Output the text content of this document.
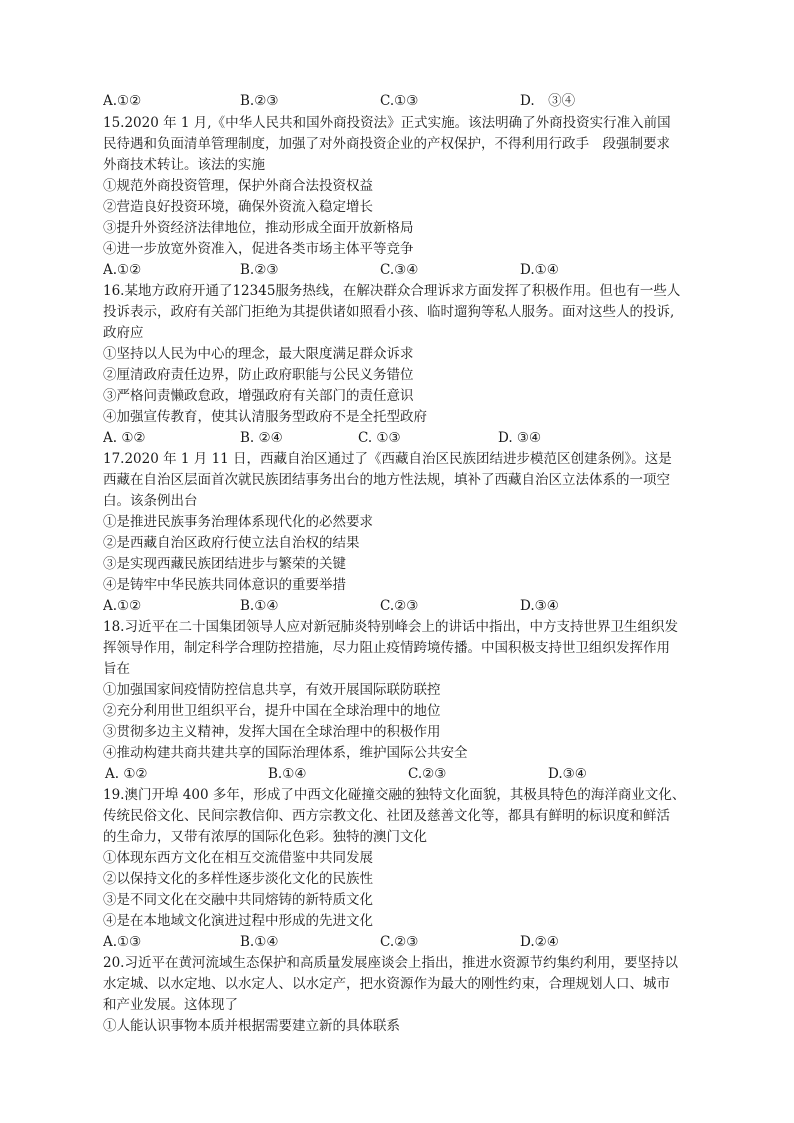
A.①②	B.②③	C.①③	D.　③④
15.2020 年 1 月,《中华人民共和国外商投资法》正式实施。该法明确了外商投资实行准入前国
民待遇和负面清单管理制度，加强了对外商投资企业的产权保护，不得利用行政手　段强制要求
外商技术转让。该法的实施
①规范外商投资管理，保护外商合法投资权益
②营造良好投资环境，确保外资流入稳定增长
③提升外资经济法律地位，推动形成全面开放新格局
④进一步放宽外资准入，促进各类市场主体平等竞争
A.①②	B.②③	C.③④	D.①④
16.某地方政府开通了12345服务热线，在解决群众合理诉求方面发挥了积极作用。但也有一些人
投诉表示，政府有关部门拒绝为其提供诸如照看小孩、临时遛狗等私人服务。面对这些人的投诉,
政府应
①坚持以人民为中心的理念，最大限度满足群众诉求
②厘清政府责任边界，防止政府职能与公民义务错位
③严格问责懒政怠政，增强政府有关部门的责任意识
④加强宣传教育，使其认清服务型政府不是全托型政府
A. ①②	B. ②④	C. ①③	D. ③④
17.2020 年 1 月 11 日，西藏自治区通过了《西藏自治区民族团结进步模范区创建条例》。这是
西藏在自治区层面首次就民族团结事务出台的地方性法规，填补了西藏自治区立法体系的一项空
白。该条例出台
①是推进民族事务治理体系现代化的必然要求
②是西藏自治区政府行使立法自治权的结果
③是实现西藏民族团结进步与繁荣的关键
④是铸牢中华民族共同体意识的重要举措
A.①②	B.①④	C.②③	D.③④
18.习近平在二十国集团领导人应对新冠肺炎特别峰会上的讲话中指出，中方支持世界卫生组织发
挥领导作用，制定科学合理防控措施，尽力阻止疫情跨境传播。中国积极支持世卫组织发挥作用
旨在
①加强国家间疫情防控信息共享，有效开展国际联防联控
②充分利用世卫组织平台，提升中国在全球治理中的地位
③贯彻多边主义精神，发挥大国在全球治理中的积极作用
④推动构建共商共建共享的国际治理体系，维护国际公共安全
A. ①②	B.①④	C.②③	D.③④
19.澳门开埠 400 多年，形成了中西文化碰撞交融的独特文化面貌，其极具特色的海洋商业文化、
传统民俗文化、民间宗教信仰、西方宗教文化、社团及慈善文化等，都具有鲜明的标识度和鲜活
的生命力，又带有浓厚的国际化色彩。独特的澳门文化
①体现东西方文化在相互交流借鉴中共同发展
②以保持文化的多样性逐步淡化文化的民族性
③是不同文化在交融中共同熔铸的新特质文化
④是在本地域文化演进过程中形成的先进文化
A.①③	B.①④	C.②③	D.②④
20.习近平在黄河流域生态保护和高质量发展座谈会上指出，推进水资源节约集约利用，要坚持以
水定城、以水定地、以水定人、以水定产，把水资源作为最大的刚性约束，合理规划人口、城市
和产业发展。这体现了
①人能认识事物本质并根据需要建立新的具体联系
